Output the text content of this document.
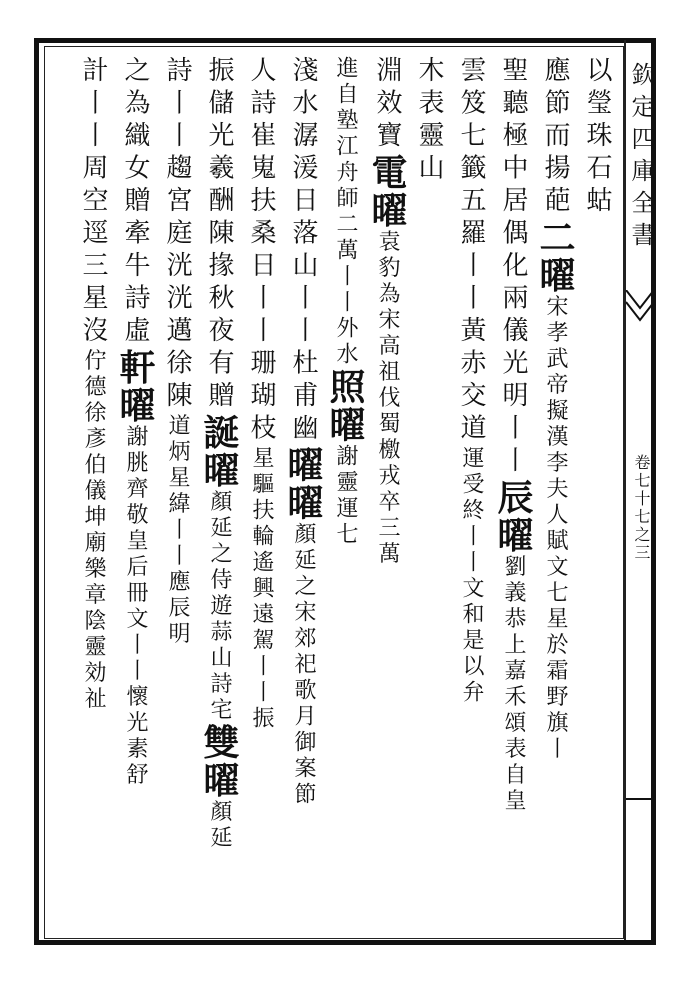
欽定四庫全書
卷七十七之三
以瑩珠石蛄
應節而揚葩二曜宋孝武帝擬漢李夫人賦文七星於霜野旗丨
聖聽極中居偶化兩儀光明丨丨辰曜劉義恭上嘉禾頌表自皇
雲笈七籤五羅丨丨黃赤交道運受終丨丨文和是以弁
木表靈山
淵效寶電曜袁豹為宋高祖伐蜀檄戎卒三萬
進自塾江舟師二萬丨丨外水照曜謝靈運七
淺水潺湲日落山丨丨杜甫幽曜曜顏延之宋郊祀歌月御案節
人詩崔嵬扶桑日丨丨珊瑚枝星驅扶輪遙興遠駕丨丨振
振儲光羲酬陳掾秋夜有贈誕曜顏延之侍遊蒜山詩宅雙曜顏延
詩丨丨趨宮庭洸洸邁徐陳道炳星緯丨丨應辰明
之為織女贈牽牛詩虛軒曜謝朓齊敬皇后冊文丨丨懷光素舒
計丨丨周空逕三星沒佇德徐彥伯儀坤廟樂章陰靈効祉
